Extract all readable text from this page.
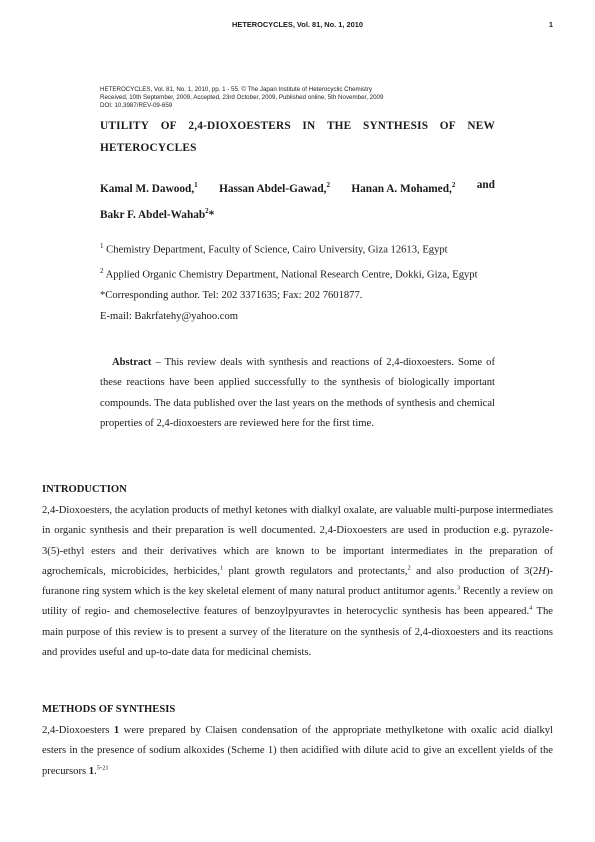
HETEROCYCLES, Vol. 81, No. 1, 2010	1
HETEROCYCLES, Vol. 81, No. 1, 2010, pp. 1 - 55. © The Japan Institute of Heterocyclic Chemistry
Received, 10th September, 2009, Accepted, 23rd October, 2009, Published online, 5th November, 2009
DOI: 10.3987/REV-09-659
UTILITY OF 2,4-DIOXOESTERS IN THE SYNTHESIS OF NEW
HETEROCYCLES
Kamal M. Dawood,$^1$ Hassan Abdel-Gawad,$^2$ Hanan A. Mohamed,$^2$ and
Bakr F. Abdel-Wahab$^2$*
$^1$ Chemistry Department, Faculty of Science, Cairo University, Giza 12613, Egypt
$^2$ Applied Organic Chemistry Department, National Research Centre, Dokki, Giza, Egypt
*Corresponding author. Tel: 202 3371635; Fax: 202 7601877.
E-mail: Bakrfatehy@yahoo.com
Abstract – This review deals with synthesis and reactions of 2,4-dioxoesters. Some of these reactions have been applied successfully to the synthesis of biologically important compounds. The data published over the last years on the methods of synthesis and chemical properties of 2,4-dioxoesters are reviewed here for the first time.
INTRODUCTION
2,4-Dioxoesters, the acylation products of methyl ketones with dialkyl oxalate, are valuable multi-purpose intermediates in organic synthesis and their preparation is well documented. 2,4-Dioxoesters are used in production e.g. pyrazole-3(5)-ethyl esters and their derivatives which are known to be important intermediates in the preparation of agrochemicals, microbicides, herbicides,$^1$ plant growth regulators and protectants,$^2$ and also production of 3(2H)-furanone ring system which is the key skeletal element of many natural product antitumor agents.$^3$ Recently a review on utility of regio- and chemoselective features of benzoylpyuravtes in heterocyclic synthesis has been appeared.$^4$ The main purpose of this review is to present a survey of the literature on the synthesis of 2,4-dioxoesters and its reactions and provides useful and up-to-date data for medicinal chemists.
METHODS OF SYNTHESIS
2,4-Dioxoesters 1 were prepared by Claisen condensation of the appropriate methylketone with oxalic acid dialkyl esters in the presence of sodium alkoxides (Scheme 1) then acidified with dilute acid to give an excellent yields of the precursors 1.$^{5-21}$
